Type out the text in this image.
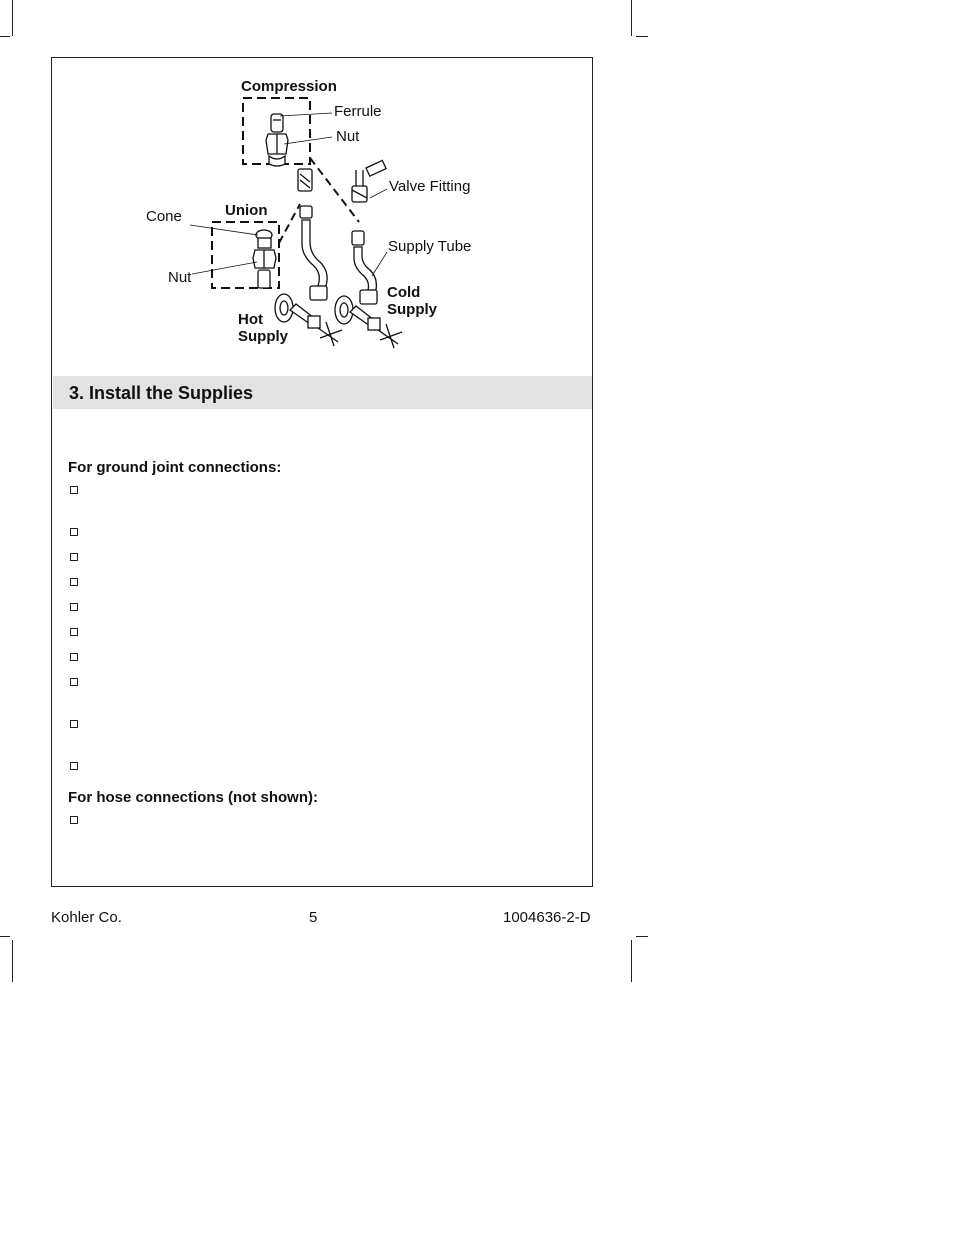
Compression
Ferrule
Nut
Valve Fitting
Union
Cone
Supply Tube
Nut
Cold
Supply
Hot
Supply
3. Install the Supplies
For ground joint connections:
For hose connections (not shown):
Kohler Co.	5	1004636-2-D
